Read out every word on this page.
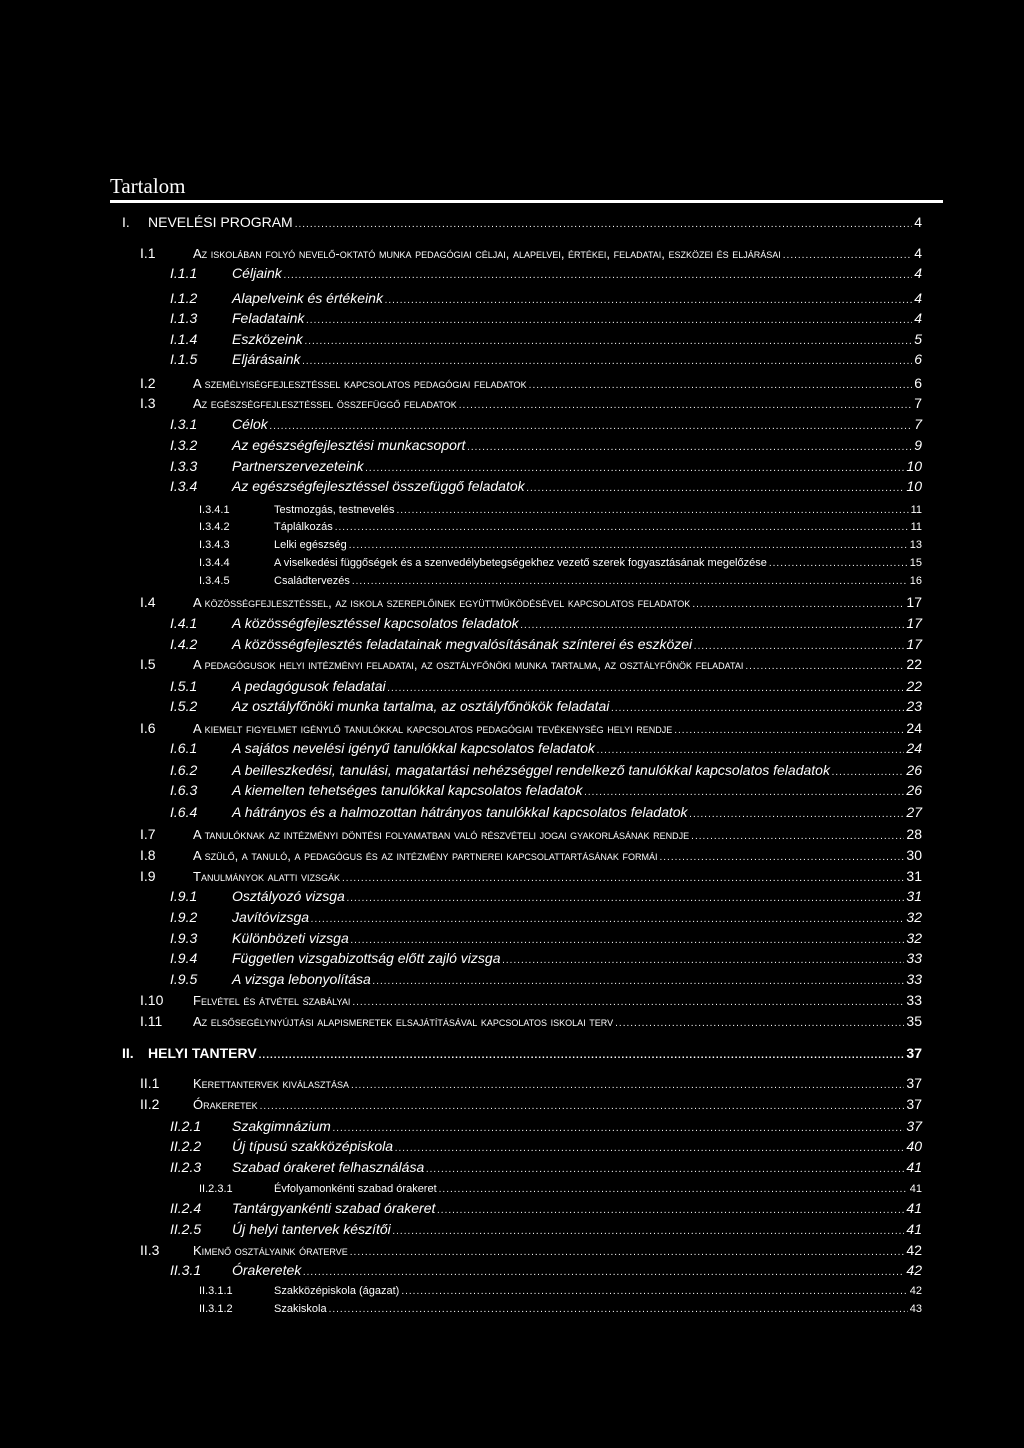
Tartalom
I. NEVELÉSI PROGRAM .....	4
I.1	Az iskolában folyó nevelő-oktató munka pedagógiai céljai, alapelvei, értékei, feladatai, eszközei és eljárásai .....	4
I.1.1 Céljaink .....	4
I.1.2 Alapelveink és értékeink .....	4
I.1.3 Feladataink .....	4
I.1.4 Eszközeink .....	5
I.1.5 Eljárásaink .....	6
I.2	A személyiségfejlesztéssel kapcsolatos pedagógiai feladatok .....	6
I.3	Az egészségfejlesztéssel összefüggő feladatok .....	7
I.3.1 Célok .....	7
I.3.2 Az egészségfejlesztési munkacsoport .....	9
I.3.3 Partnerszervezeteink .....	10
I.3.4 Az egészségfejlesztéssel összefüggő feladatok .....	10
I.3.4.1	Testmozgás, testnevelés .....	11
I.3.4.2	Táplálkozás .....	11
I.3.4.3	Lelki egészség .....	13
I.3.4.4	A viselkedési függőségek és a szenvedélybetegségekhez vezető szerek fogyasztásának megelőzése .....	15
I.3.4.5	Családtervezés .....	16
I.4	A közösségfejlesztéssel, az iskola szereplőinek együttműködésével kapcsolatos feladatok .....	17
I.4.1 A közösségfejlesztéssel kapcsolatos feladatok .....	17
I.4.2 A közösségfejlesztés feladatainak megvalósításának színterei és eszközei .....	17
I.5	A pedagógusok helyi intézményi feladatai, az osztályfőnöki munka tartalma, az osztályfőnök feladatai .....	22
I.5.1 A pedagógusok feladatai .....	22
I.5.2 Az osztályfőnöki munka tartalma, az osztályfőnökök feladatai .....	23
I.6	A kiemelt figyelmet igénylő tanulókkal kapcsolatos pedagógiai tevékenység helyi rendje .....	24
I.6.1 A sajátos nevelési igényű tanulókkal kapcsolatos feladatok .....	24
I.6.2 A beilleszkedési, tanulási, magatartási nehézséggel rendelkező tanulókkal kapcsolatos feladatok .....	26
I.6.3 A kiemelten tehetséges tanulókkal kapcsolatos feladatok .....	26
I.6.4 A hátrányos és a halmozottan hátrányos tanulókkal kapcsolatos feladatok .....	27
I.7	A tanulóknak az intézményi döntési folyamatban való részvételi jogai gyakorlásának rendje .....	28
I.8	A szülő, a tanuló, a pedagógus és az intézmény partnerei kapcsolattartásának formái .....	30
I.9	Tanulmányok alatti vizsgák .....	31
I.9.1 Osztályozó vizsga .....	31
I.9.2 Javítóvizsga .....	32
I.9.3 Különbözeti vizsga .....	32
I.9.4 Független vizsgabizottság előtt zajló vizsga .....	33
I.9.5 A vizsga lebonyolítása .....	33
I.10 Felvétel és átvétel szabályai .....	33
I.11 Az elsősegélynyújtási alapismeretek elsajátításával kapcsolatos iskolai terv .....	35
II. HELYI TANTERV .....	37
II.1	Kerettantervek kiválasztása .....	37
II.2	Órakeretek .....	37
II.2.1 Szakgimnázium .....	37
II.2.2 Új típusú szakközépiskola .....	40
II.2.3 Szabad órakeret felhasználása .....	41
II.2.3.1	Évfolyamonkénti szabad órakeret .....	41
II.2.4 Tantárgyankénti szabad órakeret .....	41
II.2.5 Új helyi tantervek készítői .....	41
II.3	Kimenő osztályaink óraterve .....	42
II.3.1 Órakeretek .....	42
II.3.1.1	Szakközépiskola (ágazat) .....	42
II.3.1.2	Szakiskola .....	43
